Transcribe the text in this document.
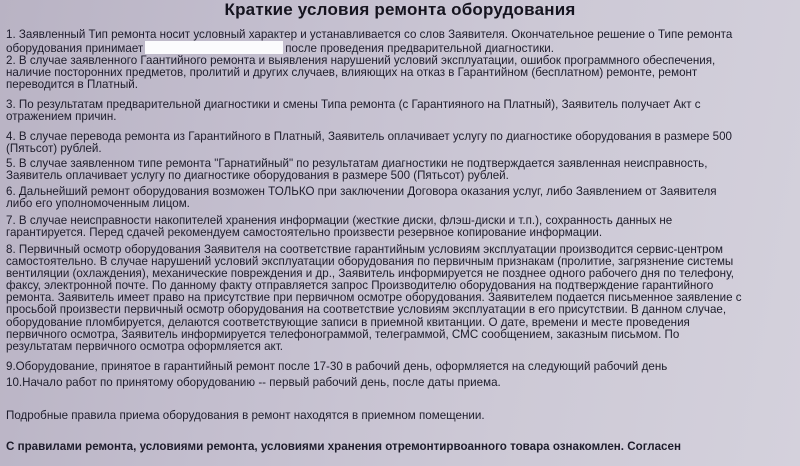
Краткие условия ремонта оборудования
1. Заявленный Тип ремонта носит условный характер и устанавливается со слов Заявителя. Окончательное решение о Типе ремонта
оборудования принимает	после проведения предварительной диагностики.
2. В случае заявленного Гаантийного ремонта и выявления нарушений условий эксплуатации, ошибок программного обеспечения,
наличие посторонних предметов, пролитий и других случаев, влияющих на отказ в Гарантийном (бесплатном) ремонте, ремонт
переводится в Платный.
3. По результатам предварительной диагностики и смены Типа ремонта (с Гарантияного на Платный), Заявитель получает Акт с
отражением причин.
4. В случае перевода ремонта из Гарантийного в Платный, Заявитель оплачивает услугу по диагностике оборудования в размере 500
(Пятьсот) рублей.
5. В случае заявленном типе ремонта "Гарнатийный" по результатам диагностики не подтверждается заявленная неисправность,
Заявитель оплачивает услугу по диагностике оборудования в размере 500 (Пятьсот) рублей.
6. Дальнейший ремонт оборудования возможен ТОЛЬКО при заключении Договора оказания услуг, либо Заявлением от Заявителя
либо его уполномоченным лицом.
7. В случае неисправности накопителей хранения информации (жесткие диски, флэш-диски и т.п.), сохранность данных не
гарантируется. Перед сдачей рекомендуем самостоятельно произвести резервное копирование информации.
8. Первичный осмотр оборудования Заявителя на соответствие гарантийным условиям эксплуатации производится сервис-центром
самостоятельно. В случае нарушений условий эксплуатации оборудования по первичным признакам (пролитие, загрязнение системы
вентиляции (охлаждения), механические повреждения и др., Заявитель информируется не позднее одного рабочего дня по телефону,
факсу, электронной почте. По данному факту отправляется запрос Производителю оборудования на подтверждение гарантийного
ремонта. Заявитель имеет право на присутствие при первичном осмотре оборудования. Заявителем подается письменное заявление с
просьбой произвести первичный осмотр оборудования на соответствие условиям эксплуатации в его присутствии. В данном случае,
оборудование пломбируется, делаются соответствующие записи в приемной квитанции. О дате, времени и месте проведения
первичного осмотра, Заявитель информируется телефонограммой, телеграммой, СМС сообщением, заказным письмом. По
результатам первичного осмотра оформляется акт.
9.Оборудование, принятое в гарантийный ремонт после 17-30 в рабочий день, оформляется на следующий рабочий день
10.Начало работ по принятому оборудованию -- первый рабочий день, после даты приема.
Подробные правила приема оборудования в ремонт находятся в приемном помещении.
С правилами ремонта, условиями ремонта, условиями хранения отремонтирвоанного товара ознакомлен. Согласен
